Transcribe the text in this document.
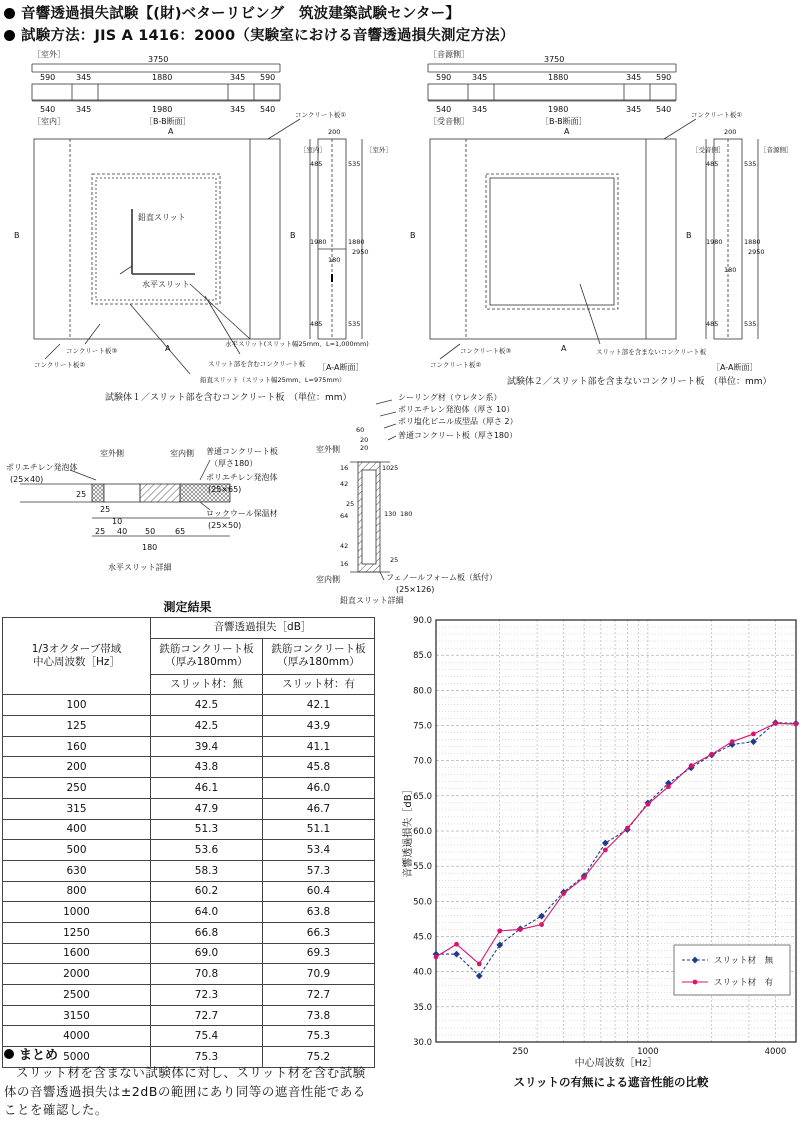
音響透過損失試験【(財)ベターリビング　筑波建築試験センター】
試験方法：JIS A 1416：2000（実験室における音響透過損失測定方法）
［室外］
3750
590	345	1880	345 590
540	345	1980	345 540
［室内］	［B-B断面］
A
B	B
A
コンクリート板①
鉛直スリット
水平スリット
水平スリット(スリット幅25mm、L=1,000mm)
スリット部を含むコンクリート板
鉛直スリット（スリット幅25mm、L=975mm）
コンクリート板③
コンクリート板②	［A-A断面］
［室内］	［室外］
200
535
1880
535
2950
485
1980
485
180
試験体１／スリット部を含むコンクリート板　（単位：mm）
［音源側］
3750
590	345	1880	345 590
540	345	1980	345 540
［受音側］	［B-B断面］
A
B	B
A
コンクリート板①
スリット部を含まないコンクリート板
コンクリート板③
コンクリート板②	［A-A断面］
［受音側］	［音源側］
200
535
1880
535
2950
485
1980
485
180
試験体２／スリット部を含まないコンクリート板　（単位：mm）
室外側	室内側
ポリエチレン発泡体
(25×40)
普通コンクリート板
（厚さ180）
ポリエチレン発泡体
(25×65)
ロックウール保温材
(25×50)
25
25
10
25 40 50 65
180
水平スリット詳細
シーリング材（ウレタン系）
ポリエチレン発泡体（厚さ 10）
ポリ塩化ビニル成型品（厚さ 2）
普通コンクリート板（厚さ180）
室外側
室内側
60
20
20
16
42
64
42
16
25
10 25
130 180
25
フェノールフォーム板（紙付）
(25×126)
鉛直スリット詳細
測定結果
1/3オクターブ帯域
中心周波数［Hz］	音響透過損失［dB］	
	鉄筋コンクリート板
（厚み180mm）	鉄筋コンクリート板
（厚み180mm）
	スリット材：無	スリット材：有
100	42.5	42.1
125	42.5	43.9
160	39.4	41.1
200	43.8	45.8
250	46.1	46.0
315	47.9	46.7
400	51.3	51.1
500	53.6	53.4
630	58.3	57.3
800	60.2	60.4
1000	64.0	63.8
1250	66.8	66.3
1600	69.0	69.3
2000	70.8	70.9
2500	72.3	72.7
3150	72.7	73.8
4000	75.4	75.3
5000	75.3	75.2
まとめ
スリット材を含まない試験体に対し、スリット材を含む試験体の音響透過損失は±2dBの範囲にあり同等の遮音性能であることを確認した。
30.0
35.0
40.0
45.0
50.0
55.0
60.0
65.0
70.0
75.0
80.0
85.0
90.0
250	1000	4000
中心周波数［Hz］
音響透過損失［dB］
スリットの有無による遮音性能の比較
スリット材　無
スリット材　有
